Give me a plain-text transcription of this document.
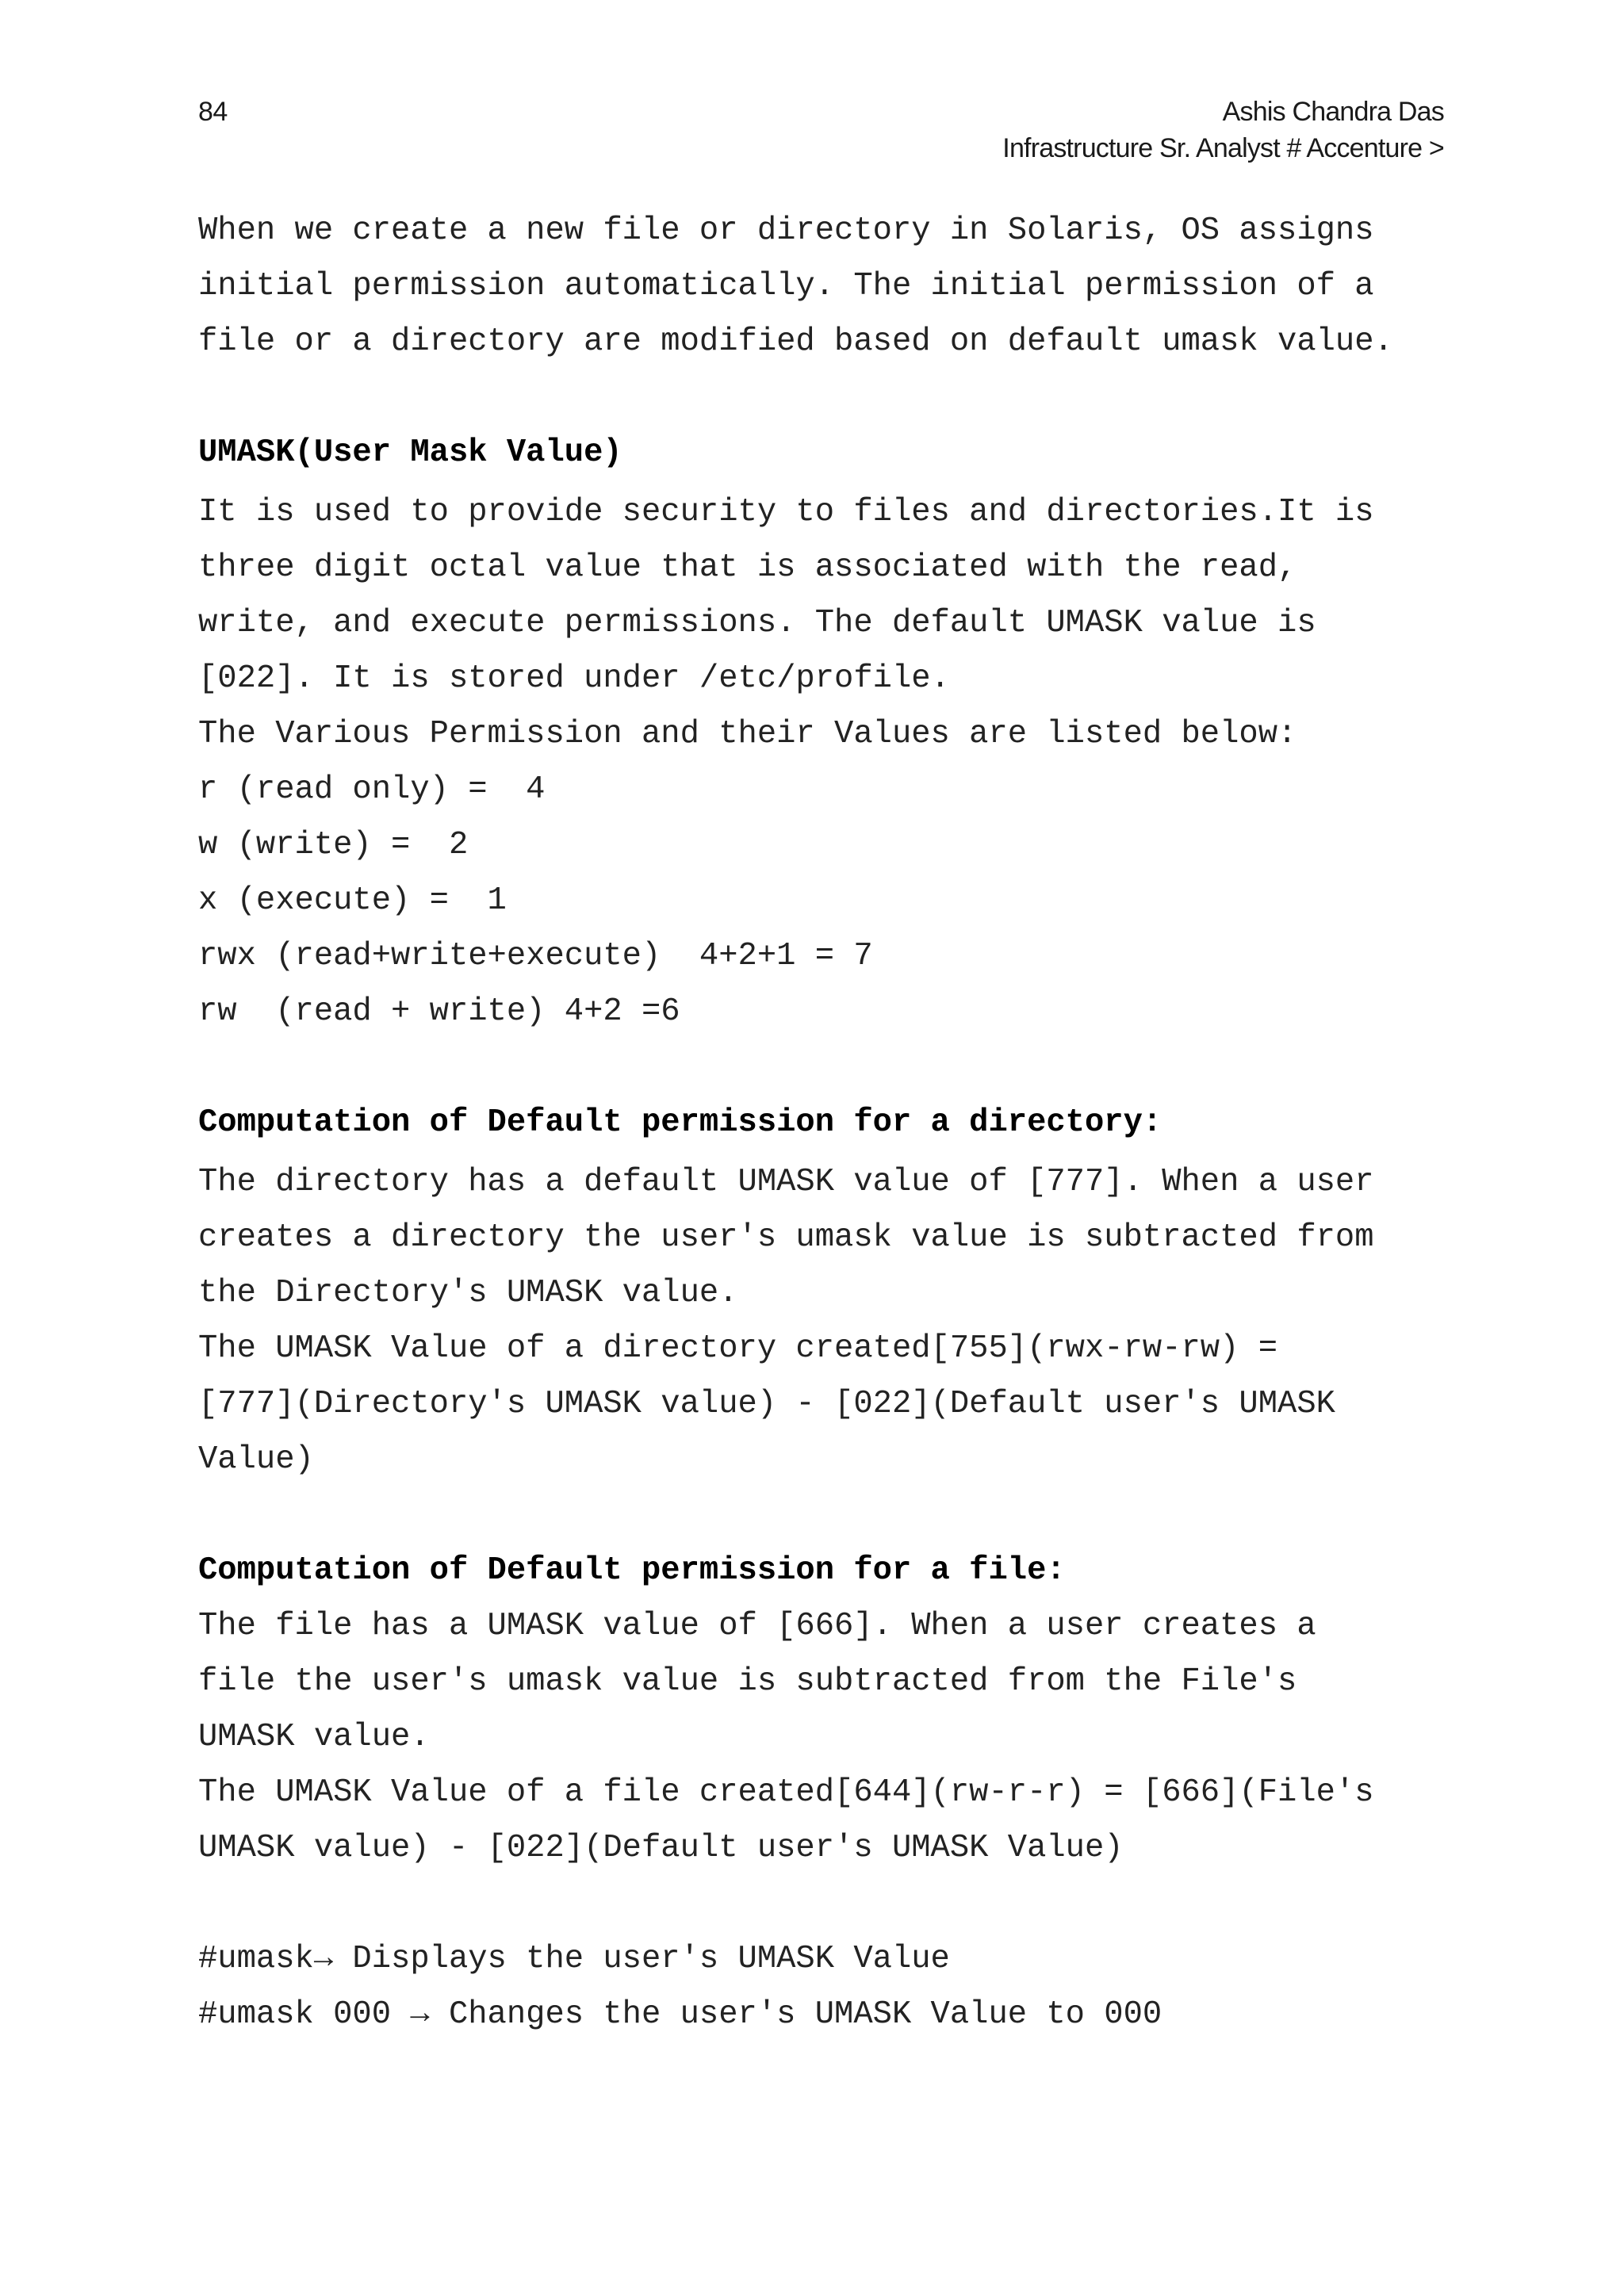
84	Ashis Chandra Das
Infrastructure Sr. Analyst # Accenture >
When we create a new file or directory in Solaris, OS assigns
initial permission automatically. The initial permission of a
file or a directory are modified based on default umask value.
UMASK(User Mask Value)
It is used to provide security to files and directories.It is
three digit octal value that is associated with the read,
write, and execute permissions. The default UMASK value is
[022]. It is stored under /etc/profile.
The Various Permission and their Values are listed below:
r (read only) =  4
w (write) =  2
x (execute) =  1
rwx (read+write+execute)  4+2+1 = 7
rw  (read + write) 4+2 =6
Computation of Default permission for a directory:
The directory has a default UMASK value of [777]. When a user
creates a directory the user's umask value is subtracted from
the Directory's UMASK value.
The UMASK Value of a directory created[755](rwx-rw-rw) =
[777](Directory's UMASK value) - [022](Default user's UMASK
Value)
Computation of Default permission for a file:
The file has a UMASK value of [666]. When a user creates a
file the user's umask value is subtracted from the File's
UMASK value.
The UMASK Value of a file created[644](rw-r-r) = [666](File's
UMASK value) - [022](Default user's UMASK Value)
#umask→ Displays the user's UMASK Value
#umask 000 → Changes the user's UMASK Value to 000
